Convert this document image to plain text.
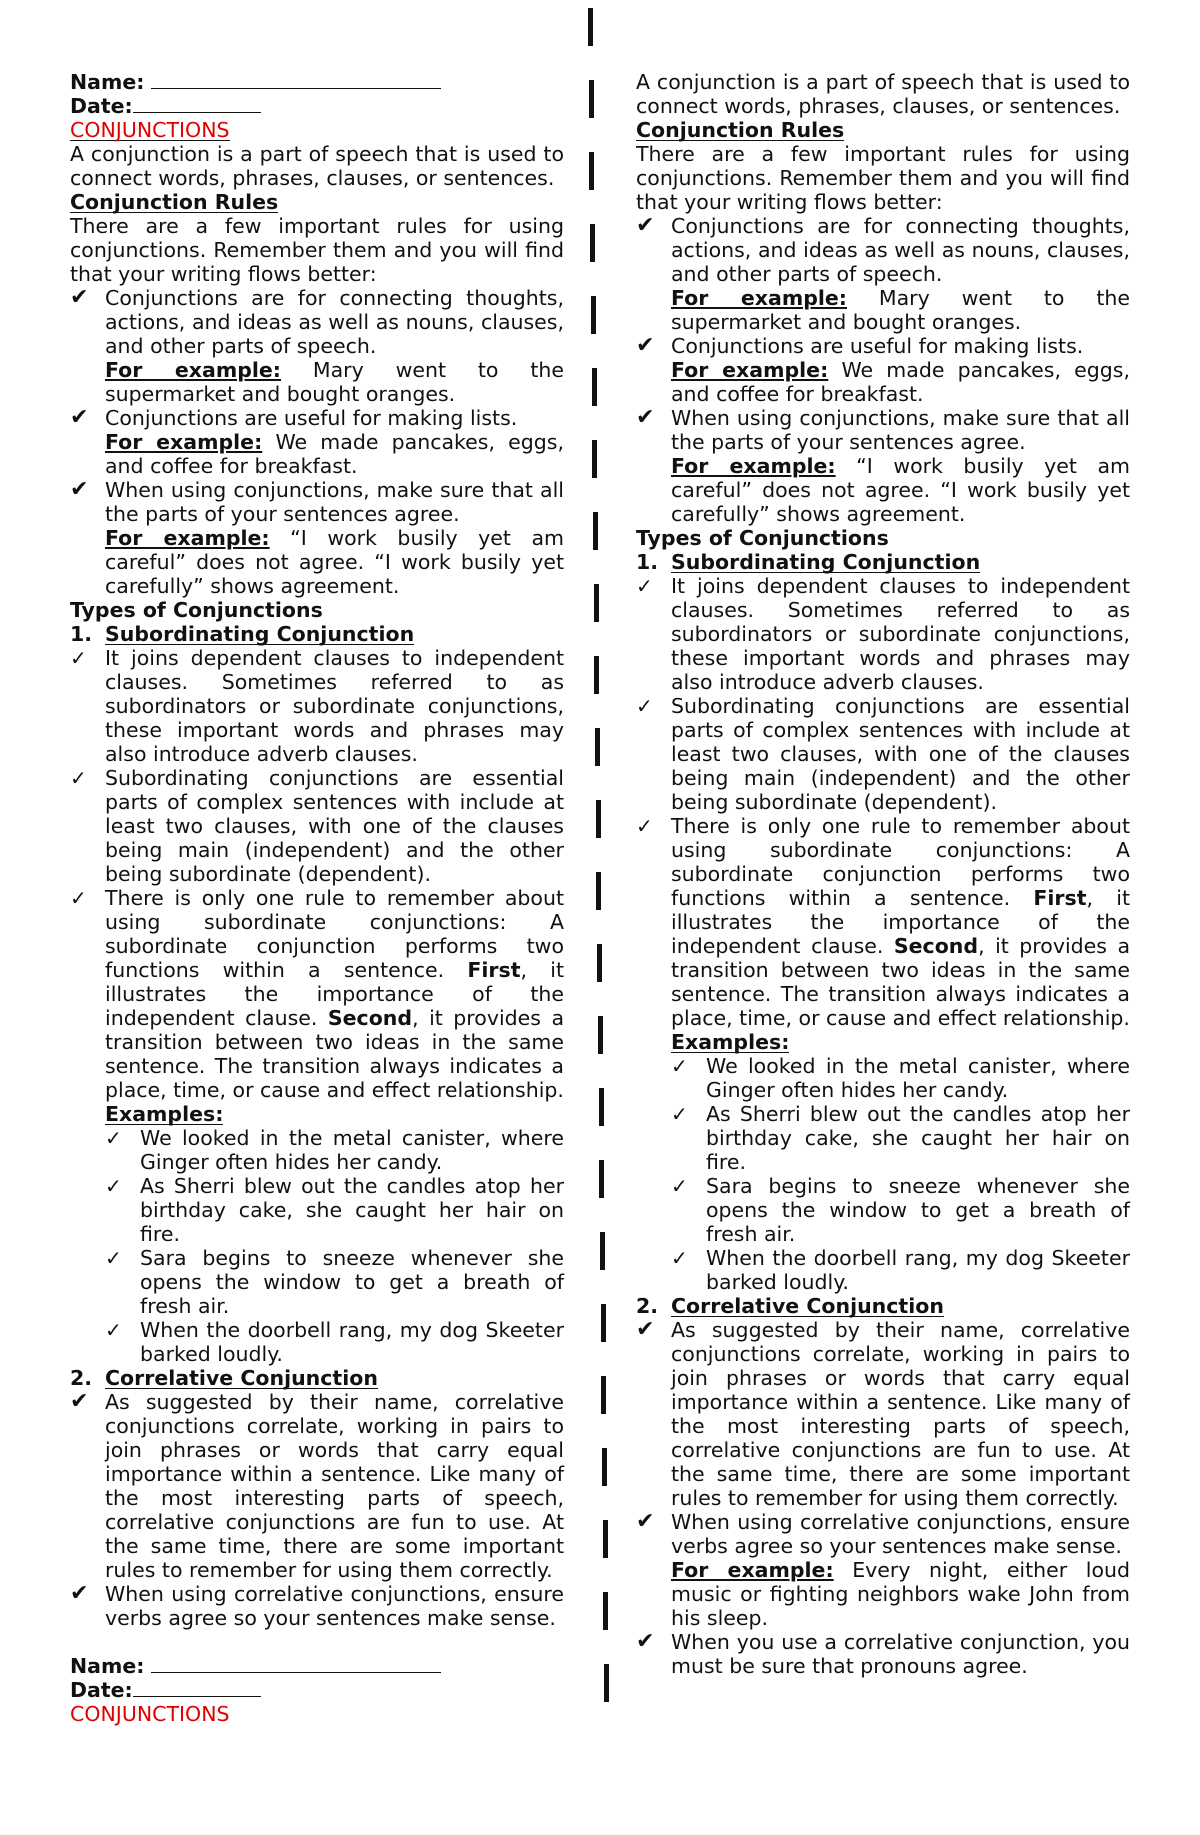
Name:

Date:

CONJUNCTIONS

A conjunction is a part of speech that is used to connect words, phrases, clauses, or sentences.

Conjunction Rules

There are a few important rules for using conjunctions. Remember them and you will find that your writing flows better:

✔ Conjunctions are for connecting thoughts, actions, and ideas as well as nouns, clauses, and other parts of speech.

For example: Mary went to the supermarket and bought oranges.

✔ Conjunctions are useful for making lists.

For example: We made pancakes, eggs, and coffee for breakfast.

✔ When using conjunctions, make sure that all the parts of your sentences agree.

For example: “I work busily yet am careful” does not agree. “I work busily yet carefully” shows agreement.

Types of Conjunctions

1. Subordinating Conjunction

✓ It joins dependent clauses to independent clauses. Sometimes referred to as subordinators or subordinate conjunctions, these important words and phrases may also introduce adverb clauses.

✓ Subordinating conjunctions are essential parts of complex sentences with include at least two clauses, with one of the clauses being main (independent) and the other being subordinate (dependent).

✓ There is only one rule to remember about using subordinate conjunctions: A subordinate conjunction performs two functions within a sentence. First, it illustrates the importance of the independent clause. Second, it provides a transition between two ideas in the same sentence. The transition always indicates a place, time, or cause and effect relationship.

Examples:

✓ We looked in the metal canister, where Ginger often hides her candy.

✓ As Sherri blew out the candles atop her birthday cake, she caught her hair on fire.

✓ Sara begins to sneeze whenever she opens the window to get a breath of fresh air.

✓ When the doorbell rang, my dog Skeeter barked loudly.

2. Correlative Conjunction

✔ As suggested by their name, correlative conjunctions correlate, working in pairs to join phrases or words that carry equal importance within a sentence. Like many of the most interesting parts of speech, correlative conjunctions are fun to use. At the same time, there are some important rules to remember for using them correctly.

✔ When using correlative conjunctions, ensure verbs agree so your sentences make sense.

Name:

Date:

CONJUNCTIONS

A conjunction is a part of speech that is used to connect words, phrases, clauses, or sentences.

Conjunction Rules

There are a few important rules for using conjunctions. Remember them and you will find that your writing flows better:

✔ Conjunctions are for connecting thoughts, actions, and ideas as well as nouns, clauses, and other parts of speech.

For example: Mary went to the supermarket and bought oranges.

✔ Conjunctions are useful for making lists.

For example: We made pancakes, eggs, and coffee for breakfast.

✔ When using conjunctions, make sure that all the parts of your sentences agree.

For example: “I work busily yet am careful” does not agree. “I work busily yet carefully” shows agreement.

Types of Conjunctions

1. Subordinating Conjunction

✓ It joins dependent clauses to independent clauses. Sometimes referred to as subordinators or subordinate conjunctions, these important words and phrases may also introduce adverb clauses.

✓ Subordinating conjunctions are essential parts of complex sentences with include at least two clauses, with one of the clauses being main (independent) and the other being subordinate (dependent).

✓ There is only one rule to remember about using subordinate conjunctions: A subordinate conjunction performs two functions within a sentence. First, it illustrates the importance of the independent clause. Second, it provides a transition between two ideas in the same sentence. The transition always indicates a place, time, or cause and effect relationship.

Examples:

✓ We looked in the metal canister, where Ginger often hides her candy.

✓ As Sherri blew out the candles atop her birthday cake, she caught her hair on fire.

✓ Sara begins to sneeze whenever she opens the window to get a breath of fresh air.

✓ When the doorbell rang, my dog Skeeter barked loudly.

2. Correlative Conjunction

✔ As suggested by their name, correlative conjunctions correlate, working in pairs to join phrases or words that carry equal importance within a sentence. Like many of the most interesting parts of speech, correlative conjunctions are fun to use. At the same time, there are some important rules to remember for using them correctly.

✔ When using correlative conjunctions, ensure verbs agree so your sentences make sense.

For example: Every night, either loud music or fighting neighbors wake John from his sleep.

✔ When you use a correlative conjunction, you must be sure that pronouns agree.
